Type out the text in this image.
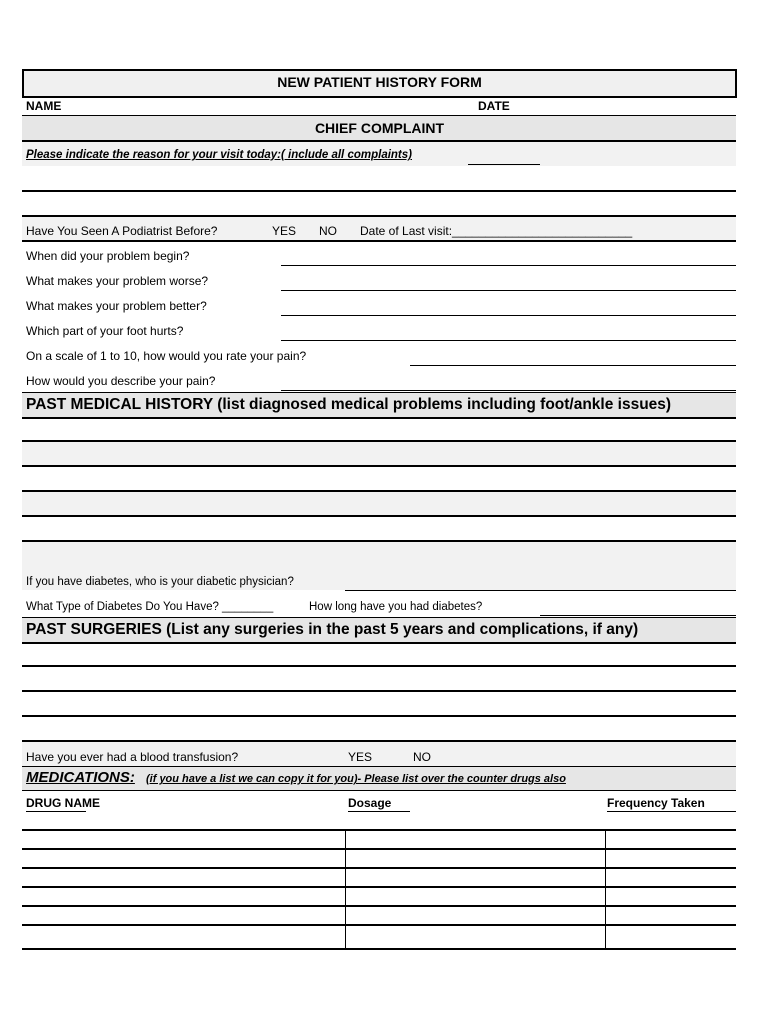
NEW PATIENT HISTORY FORM
NAME	DATE
CHIEF COMPLAINT
Please indicate the reason for your visit today:( include all complaints)
Have You Seen A Podiatrist Before?	YES NO Date of Last visit:___________________________
When did your problem begin?
What makes your problem worse?
What makes your problem better?
Which part of your foot hurts?
On a scale of 1 to 10, how would you rate your pain?
How would you describe your pain?
PAST MEDICAL HISTORY (list diagnosed medical problems including foot/ankle issues)
If you have diabetes, who is your diabetic physician?
What Type of Diabetes Do You Have? ________	How long have you had diabetes?
PAST SURGERIES (List any surgeries in the past 5 years and complications, if any)
Have you ever had a blood transfusion?	YES	NO
MEDICATIONS: (if you have a list we can copy it for you)- Please list over the counter drugs also
DRUG NAME	Dosage	Frequency Taken
